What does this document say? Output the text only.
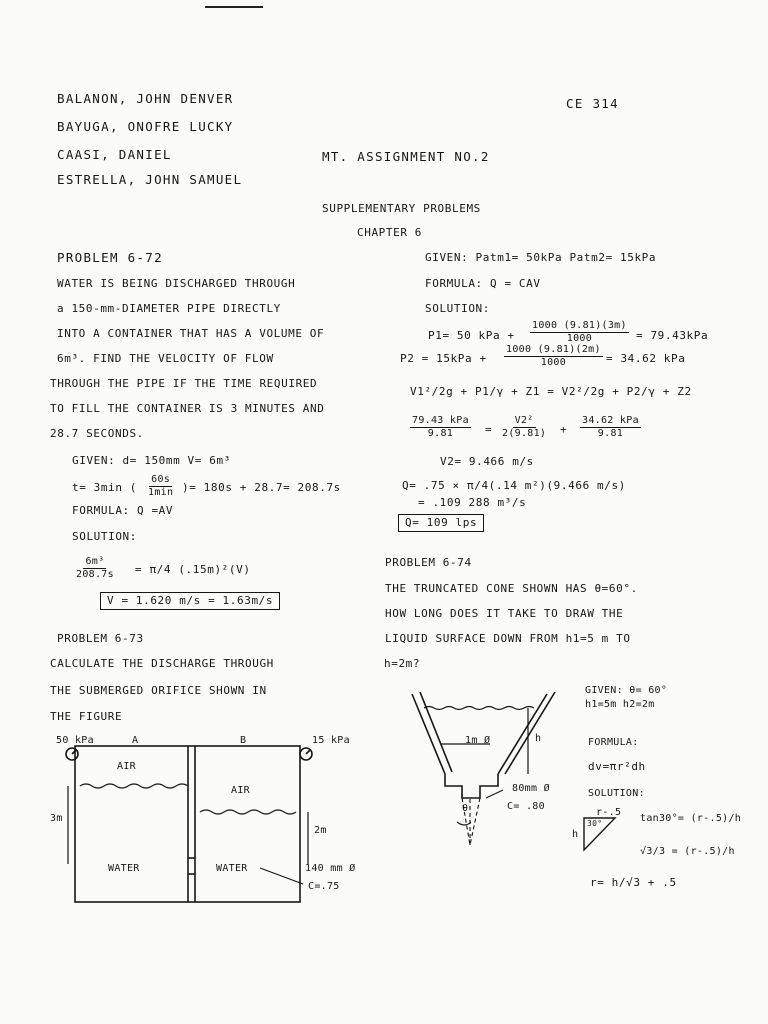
BALANON, JOHN DENVER
BAYUGA, ONOFRE LUCKY
CAASI, DANIEL
ESTRELLA, JOHN SAMUEL
CE 314
MT. ASSIGNMENT NO.2
SUPPLEMENTARY PROBLEMS
CHAPTER 6
PROBLEM 6-72
WATER IS BEING DISCHARGED THROUGH
a 150-mm-DIAMETER PIPE DIRECTLY
INTO A CONTAINER THAT HAS A VOLUME OF
6m³. FIND THE VELOCITY OF FLOW
THROUGH THE PIPE IF THE TIME REQUIRED
TO FILL THE CONTAINER IS 3 MINUTES AND
28.7 SECONDS.
GIVEN: d= 150mm V= 6m³
t= 3min (
60s
1min )= 180s + 28.7= 208.7s
FORMULA: Q =AV
SOLUTION:
$\frac{\text{6m³}}{208.7s} = \pi/4$ (.15m)²(V)
V = 1.620 m/s = 1.63m/s
GIVEN: Patm1= 50kPa Patm2= 15kPa
FORMULA: Q = CAV
SOLUTION:
P1= 50 kPa + $\frac{1000 (9.81)(3m)}{1000} = 79.43kPa$
$P2 = 15kPa + \frac{1000 (9.81)(2m)}{1000} = 34.62$ kPa
V1²/2g + P1/γ + Z1 = V2²/2g + P2/γ + Z2
79.43 kPa
9.81	= $\frac{\text{V2²}}{2(9.81)}$ +
34.62 kPa
9.81
V2= 9.466 m/s
Q= .75 × π/4(.14 m²)(9.466 m/s)
= .109 288 m³/s
Q= 109 lps
PROBLEM 6-74
THE TRUNCATED CONE SHOWN HAS θ=60°.
HOW LONG DOES IT TAKE TO DRAW THE
LIQUID SURFACE DOWN FROM h1=5 m TO
PROBLEM 6-73
CALCULATE THE DISCHARGE THROUGH	h=2m?
THE SUBMERGED ORIFICE SHOWN IN
THE FIGURE
50 kPa	A	B	15 kPa
AIR
AIR
WATER	WATER
3m
2m
140 mm Ø
C=.75
1m Ø	h
θ
80mm Ø
C= .80
GIVEN: θ= 60°
h1=5m h2=2m
FORMULA:
dv=πr²dh
SOLUTION:
r-.5
h
30°	tan30°= (r-.5)/h
√3/3 = (r-.5)/h
r= h/√3 + .5
